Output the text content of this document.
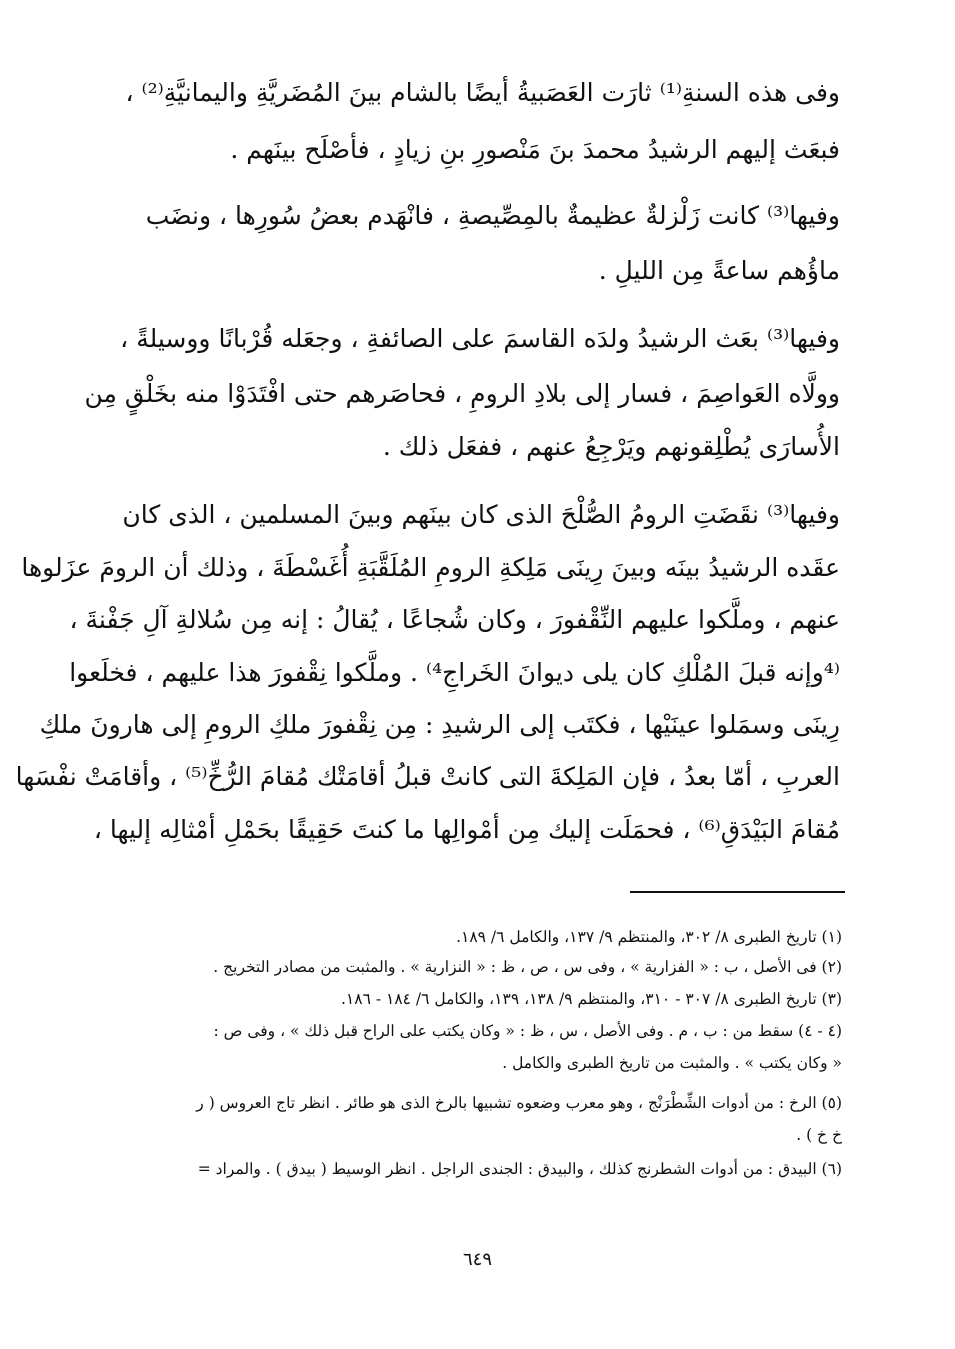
وفى هذه السنةِ⁽¹⁾ ثارَت العَصَبيةُ أيضًا بالشام بينَ المُضَريَّةِ واليمانيَّةِ⁽²⁾ ،
فبعَث إليهم الرشيدُ محمدَ بنَ مَنْصورِ بنِ زيادٍ ، فأصْلَح بينَهم .
وفيها⁽³⁾ كانت زَلْزلةٌ عظيمةٌ بالمِصِّيصةِ ، فانْهَدم بعضُ سُورِها ، ونضَب
ماؤُهم ساعةً مِن الليلِ .
وفيها⁽³⁾ بعَث الرشيدُ ولدَه القاسمَ على الصائفةِ ، وجعَله قُرْبانًا ووسيلةً ،
وولَّاه العَواصِمَ ، فسار إلى بلادِ الرومِ ، فحاصَرهم حتى افْتَدَوْا منه بخَلْقٍ مِن
الأُسارَى يُطْلِقونهم ويَرْجِعُ عنهم ، ففعَل ذلك .
وفيها⁽³⁾ نقَضَتِ الرومُ الصُّلْحَ الذى كان بينَهم وبينَ المسلمين ، الذى كان
عقَده الرشيدُ بينَه وبينَ رِينَى مَلِكةِ الرومِ المُلَقَّبَةِ أُغَسْطَةَ ، وذلك أن الرومَ عزَلوها
عنهم ، وملَّكوا عليهم النِّقْفورَ ، وكان شُجاعًا ، يُقالُ : إنه مِن سُلالةِ آلِ جَفْنةَ ،
⁽⁴وإنه قبلَ المُلْكِ كان يلى ديوانَ الخَراجِ⁴⁾ . وملَّكوا نِقْفورَ هذا عليهم ، فخلَعوا
رِينَى وسمَلوا عينَيْها ، فكتَب إلى الرشيدِ : مِن نِقْفورَ ملكِ الرومِ إلى هارونَ ملكِ
العربِ ، أمّا بعدُ ، فإن المَلِكةَ التى كانتْ قبلُ أقامَتْك مُقامَ الرُّخِّ⁽⁵⁾ ، وأقامَتْ نفْسَها
مُقامَ البَيْدَقِ⁽⁶⁾ ، فحمَلَت إليك مِن أمْوالِها ما كنتَ حَقِيقًا بحَمْلِ أمْثالِه إليها ،
(١) تاريخ الطبرى ٨/ ٣٠٢، والمنتظم ٩/ ١٣٧، والكامل ٦/ ١٨٩.
(٢) فى الأصل ، ب : « الفزارية » ، وفى س ، ص ، ظ : « النزارية » . والمثبت من مصادر التخريج .
(٣) تاريخ الطبرى ٨/ ٣٠٧ - ٣١٠، والمنتظم ٩/ ١٣٨، ١٣٩، والكامل ٦/ ١٨٤ - ١٨٦.
(٤ - ٤) سقط من : ب ، م . وفى الأصل ، س ، ظ : « وكان يكتب على الراح قبل ذلك » ، وفى ص :
« وكان يكتب » . والمثبت من تاريخ الطبرى والكامل .
(٥) الرخ : من أدوات الشِّطْرَنْج ، وهو معرب وضعوه تشبيها بالرخ الذى هو طائر . انظر تاج العروس ( ر
خ خ ) .
(٦) البيدق : من أدوات الشطرنج كذلك ، والبيدق : الجندى الراجل . انظر الوسيط ( بيدق ) . والمراد =
٦٤٩
